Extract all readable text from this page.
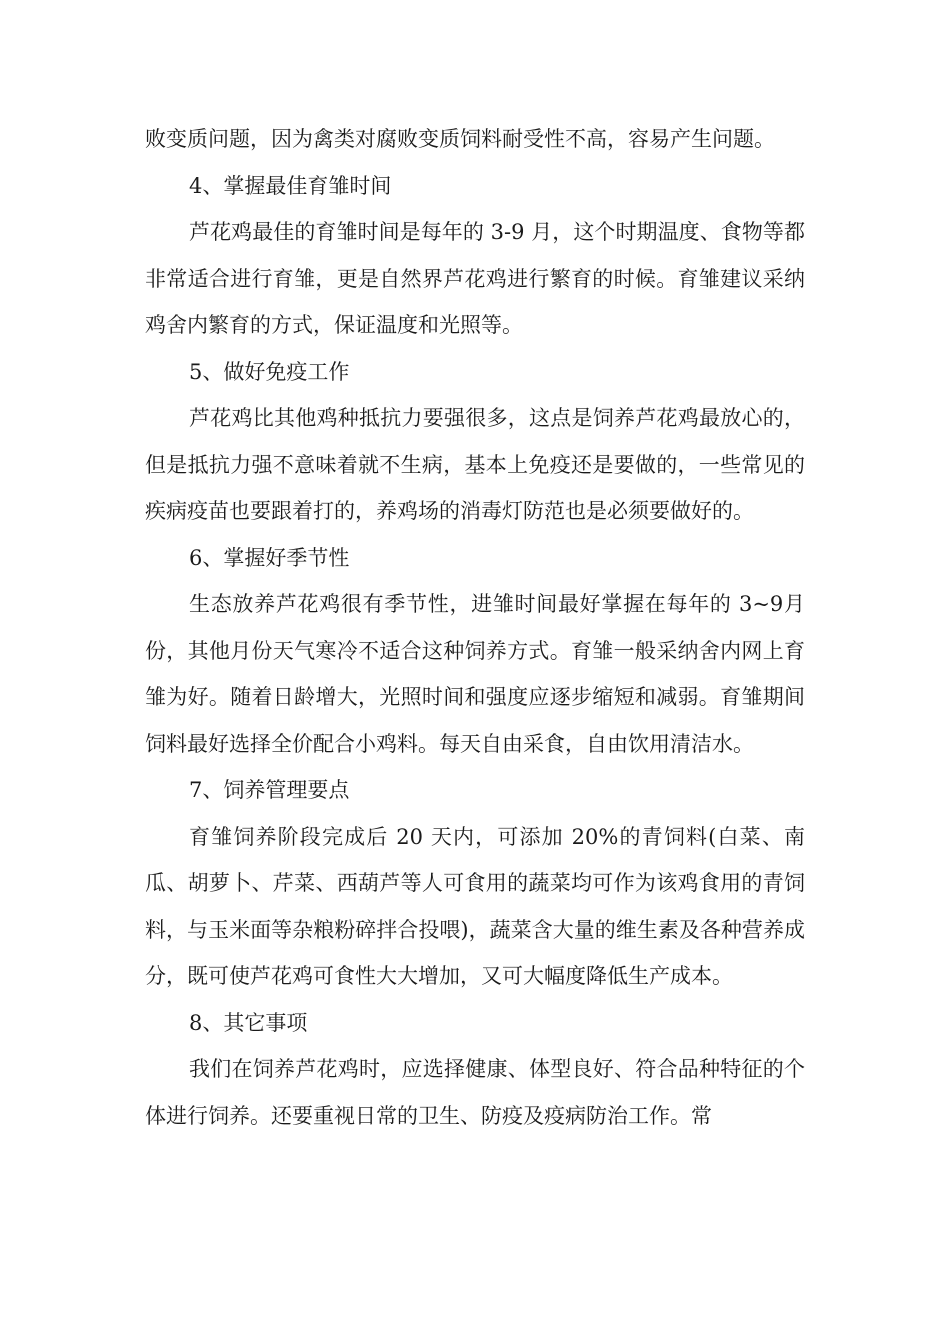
败变质问题，因为禽类对腐败变质饲料耐受性不高，容易产生问题。

4、掌握最佳育雏时间

芦花鸡最佳的育雏时间是每年的 3-9 月，这个时期温度、食物等都非常适合进行育雏，更是自然界芦花鸡进行繁育的时候。育雏建议采纳鸡舍内繁育的方式，保证温度和光照等。

5、做好免疫工作

芦花鸡比其他鸡种抵抗力要强很多，这点是饲养芦花鸡最放心的，但是抵抗力强不意味着就不生病，基本上免疫还是要做的，一些常见的疾病疫苗也要跟着打的，养鸡场的消毒灯防范也是必须要做好的。

6、掌握好季节性

生态放养芦花鸡很有季节性，进雏时间最好掌握在每年的 3~9月份，其他月份天气寒冷不适合这种饲养方式。育雏一般采纳舍内网上育雏为好。随着日龄增大，光照时间和强度应逐步缩短和减弱。育雏期间饲料最好选择全价配合小鸡料。每天自由采食，自由饮用清洁水。

7、饲养管理要点

育雏饲养阶段完成后 20 天内，可添加 20%的青饲料(白菜、南瓜、胡萝卜、芹菜、西葫芦等人可食用的蔬菜均可作为该鸡食用的青饲料，与玉米面等杂粮粉碎拌合投喂)，蔬菜含大量的维生素及各种营养成分，既可使芦花鸡可食性大大增加，又可大幅度降低生产成本。

8、其它事项

我们在饲养芦花鸡时，应选择健康、体型良好、符合品种特征的个体进行饲养。还要重视日常的卫生、防疫及疫病防治工作。常
